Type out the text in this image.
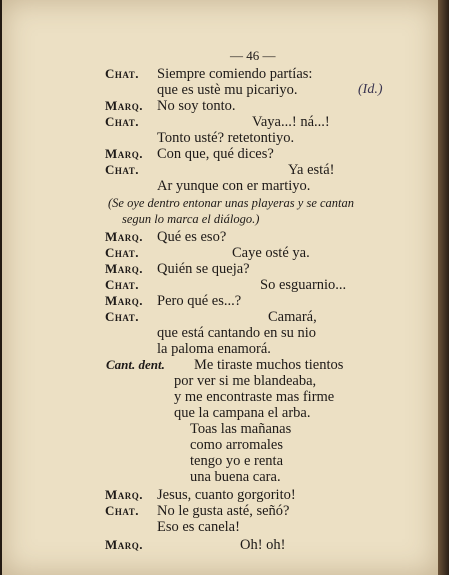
— 46 —
Chat. Siempre comiendo partías:
que es ustè mu picariyo.	(Id.)
Marq. No soy tonto.
Chat.	Vaya...! ná...!
Tonto usté? retetontiyo.
Marq. Con que, qué dices?
Chat.	Ya está!
Ar yunque con er martiyo.
(Se oye dentro entonar unas playeras y se cantan
segun lo marca el diálogo.)
Marq. Qué es eso?
Chat.	Caye osté ya.
Marq. Quién se queja?
Chat.	So esguarnio...
Marq. Pero qué es...?
Chat.	Camará,
que está cantando en su nio
la paloma enamorá.
Cant. dent. Me tiraste muchos tientos
por ver si me blandeaba,
y me encontraste mas firme
que la campana el arba.
Toas las mañanas
como arromales
tengo yo e renta
una buena cara.
Marq. Jesus, cuanto gorgorito!
Chat. No le gusta asté, señó?
Eso es canela!
Marq.	Oh! oh!
